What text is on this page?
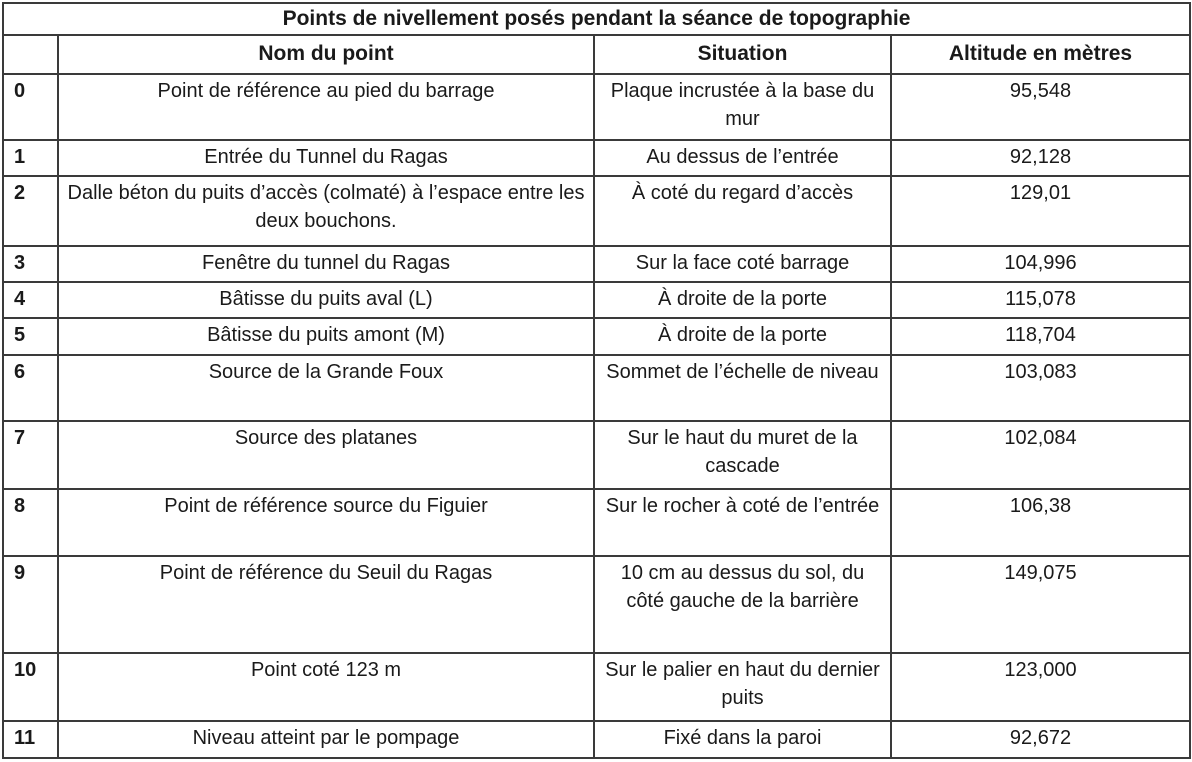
Points de nivellement posés pendant la séance de topographie			
	Nom du point	Situation	Altitude en mètres
0	Point de référence au pied du barrage	Plaque incrustée à la base du mur	95,548
1	Entrée du Tunnel du Ragas	Au dessus de l’entrée	92,128
2	Dalle béton du puits d’accès (colmaté) à l’espace entre les deux bouchons.	À coté du regard d’accès	129,01
3	Fenêtre du tunnel du Ragas	Sur la face coté barrage	104,996
4	Bâtisse du puits aval (L)	À droite de la porte	115,078
5	Bâtisse du puits amont (M)	À droite de la porte	118,704
6	Source de la Grande Foux	Sommet de l’échelle de niveau	103,083
7	Source des platanes	Sur le haut du muret de la cascade	102,084
8	Point de référence source du Figuier	Sur le rocher à coté de l’entrée	106,38
9	Point de référence du Seuil du Ragas	10 cm au dessus du sol, du côté gauche de la barrière	149,075
10	Point coté 123 m	Sur le palier en haut du dernier puits	123,000
11	Niveau atteint par le pompage	Fixé dans la paroi	92,672
